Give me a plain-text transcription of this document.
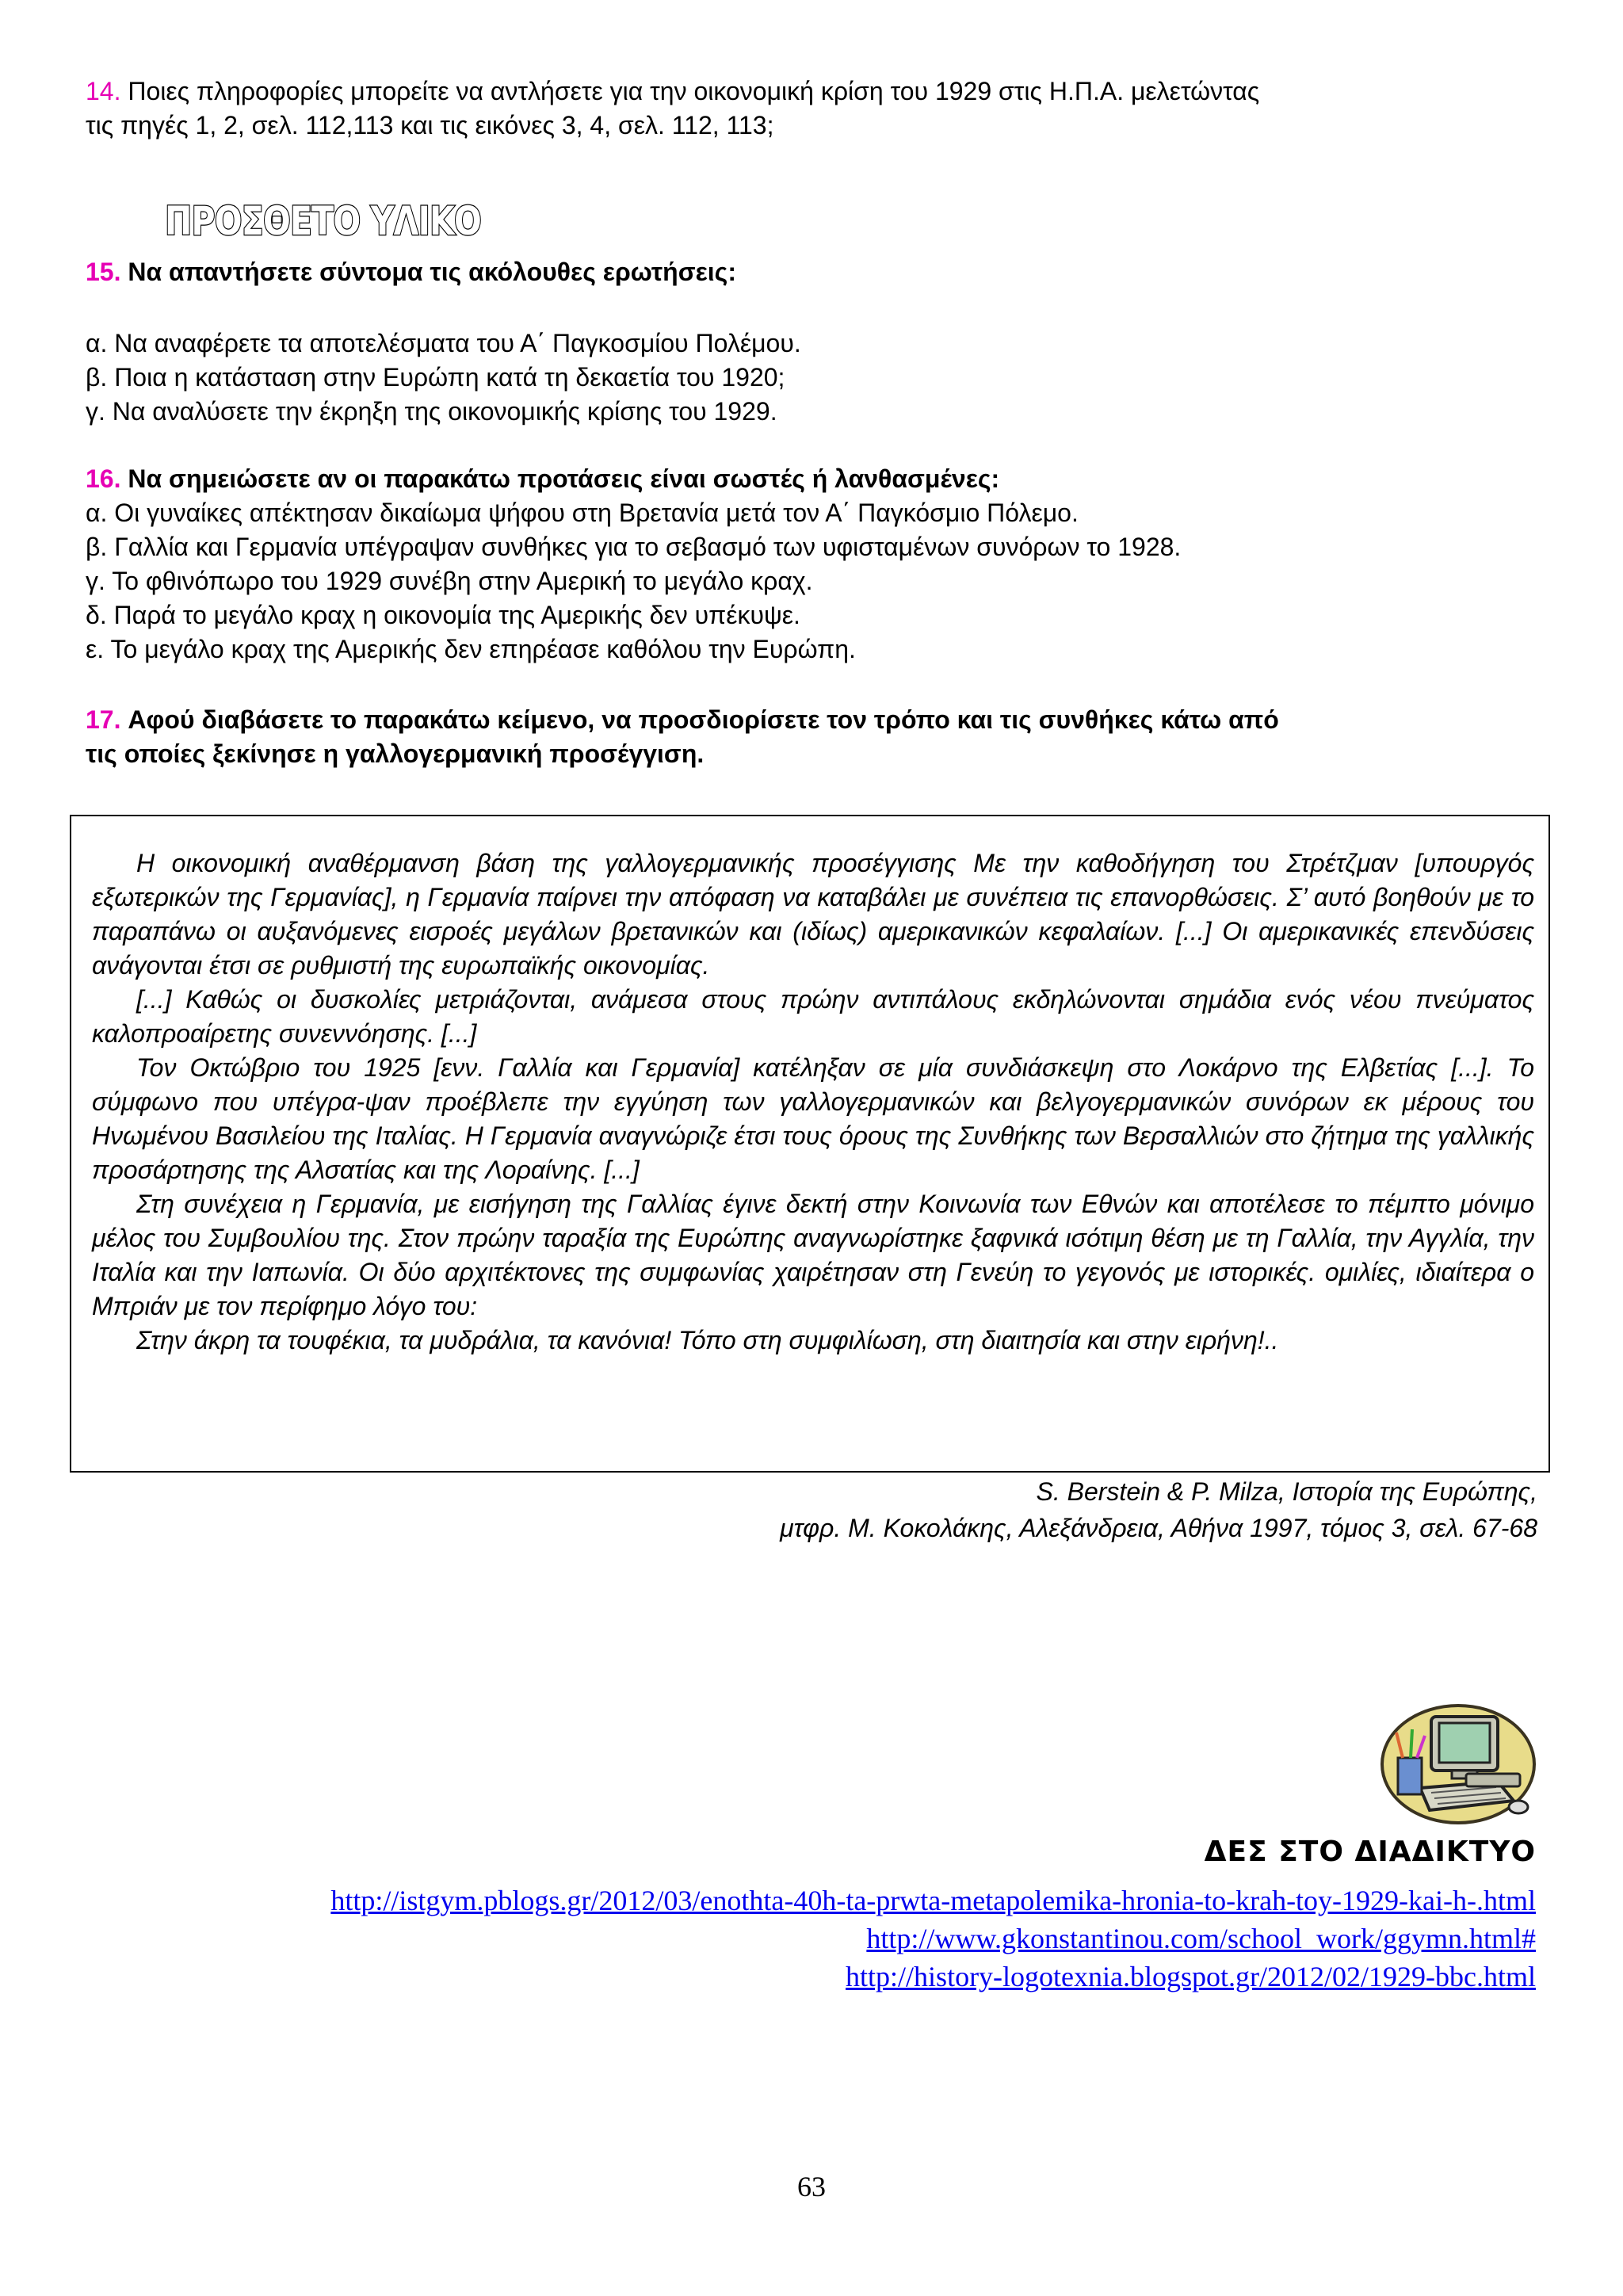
14. Ποιες πληροφορίες μπορείτε να αντλήσετε για την οικονομική κρίση του 1929 στις Η.Π.Α. μελετώντας
τις πηγές 1, 2, σελ. 112,113 και τις εικόνες 3, 4, σελ. 112, 113;
ΠΡΟΣΘΕΤΟ ΥΛΙΚΟ
15. Να απαντήσετε σύντομα τις ακόλουθες ερωτήσεις:
α. Να αναφέρετε τα αποτελέσματα του Α΄ Παγκοσμίου Πολέμου.
β. Ποια η κατάσταση στην Ευρώπη κατά τη δεκαετία του 1920;
γ. Να αναλύσετε την έκρηξη της οικονομικής κρίσης του 1929.
16. Να σημειώσετε αν οι παρακάτω προτάσεις είναι σωστές ή λανθασμένες:
α. Οι γυναίκες απέκτησαν δικαίωμα ψήφου στη Βρετανία μετά τον Α΄ Παγκόσμιο Πόλεμο.
β. Γαλλία και Γερμανία υπέγραψαν συνθήκες για το σεβασμό των υφισταμένων συνόρων το 1928.
γ. Το φθινόπωρο του 1929 συνέβη στην Αμερική το μεγάλο κραχ.
δ. Παρά το μεγάλο κραχ η οικονομία της Αμερικής δεν υπέκυψε.
ε. Το μεγάλο κραχ της Αμερικής δεν επηρέασε καθόλου την Ευρώπη.
17. Αφού διαβάσετε το παρακάτω κείμενο, να προσδιορίσετε τον τρόπο και τις συνθήκες κάτω από
τις οποίες ξεκίνησε η γαλλογερμανική προσέγγιση.

Η οικονομική αναθέρμανση βάση της γαλλογερμανικής προσέγγισης Με την καθοδήγηση του Στρέτζμαν [υπουργός εξωτερικών της Γερμανίας], η Γερμανία παίρνει την απόφαση να καταβάλει με συνέπεια τις επανορθώσεις. Σ’ αυτό βοηθούν με το παραπάνω οι αυξανόμενες εισροές μεγάλων βρετανικών και (ιδίως) αμερικανικών κεφαλαίων. [...] Οι αμερικανικές επενδύσεις ανάγονται έτσι σε ρυθμιστή της ευρωπαϊκής οικονομίας.

[...] Καθώς οι δυσκολίες μετριάζονται, ανάμεσα στους πρώην αντιπάλους εκδηλώνονται σημάδια ενός νέου πνεύματος καλοπροαίρετης συνεννόησης. [...]

Τον Οκτώβριο του 1925 [ενν. Γαλλία και Γερμανία] κατέληξαν σε μία συνδιάσκεψη στο Λοκάρνο της Ελβετίας [...]. Το σύμφωνο που υπέγρα-ψαν προέβλεπε την εγγύηση των γαλλογερμανικών και βελγογερμανικών συνόρων εκ μέρους του Ηνωμένου Βασιλείου της Ιταλίας. Η Γερμανία αναγνώριζε έτσι τους όρους της Συνθήκης των Βερσαλλιών στο ζήτημα της γαλλικής προσάρτησης της Αλσατίας και της Λοραίνης. [...]

Στη συνέχεια η Γερμανία, με εισήγηση της Γαλλίας έγινε δεκτή στην Κοινωνία των Εθνών και αποτέλεσε το πέμπτο μόνιμο μέλος του Συμβουλίου της. Στον πρώην ταραξία της Ευρώπης αναγνωρίστηκε ξαφνικά ισότιμη θέση με τη Γαλλία, την Αγγλία, την Ιταλία και την Ιαπωνία. Οι δύο αρχιτέκτονες της συμφωνίας χαιρέτησαν στη Γενεύη το γεγονός με ιστορικές. ομιλίες, ιδιαίτερα ο Μπριάν με τον περίφημο λόγο του:

Στην άκρη τα τουφέκια, τα μυδράλια, τα κανόνια! Τόπο στη συμφιλίωση, στη διαιτησία και στην ειρήνη!..

S. Berstein & P. Milza, Ιστορία της Ευρώπης,
μτφρ. Μ. Κοκολάκης, Αλεξάνδρεια, Αθήνα 1997, τόμος 3, σελ. 67-68
ΔΕΣ ΣΤΟ ΔΙΑΔΙΚΤΥΟ
http://istgym.pblogs.gr/2012/03/enothta-40h-ta-prwta-metapolemika-hronia-to-krah-toy-1929-kai-h-.html
http://www.gkonstantinou.com/school_work/ggymn.html#
http://history-logotexnia.blogspot.gr/2012/02/1929-bbc.html
63
